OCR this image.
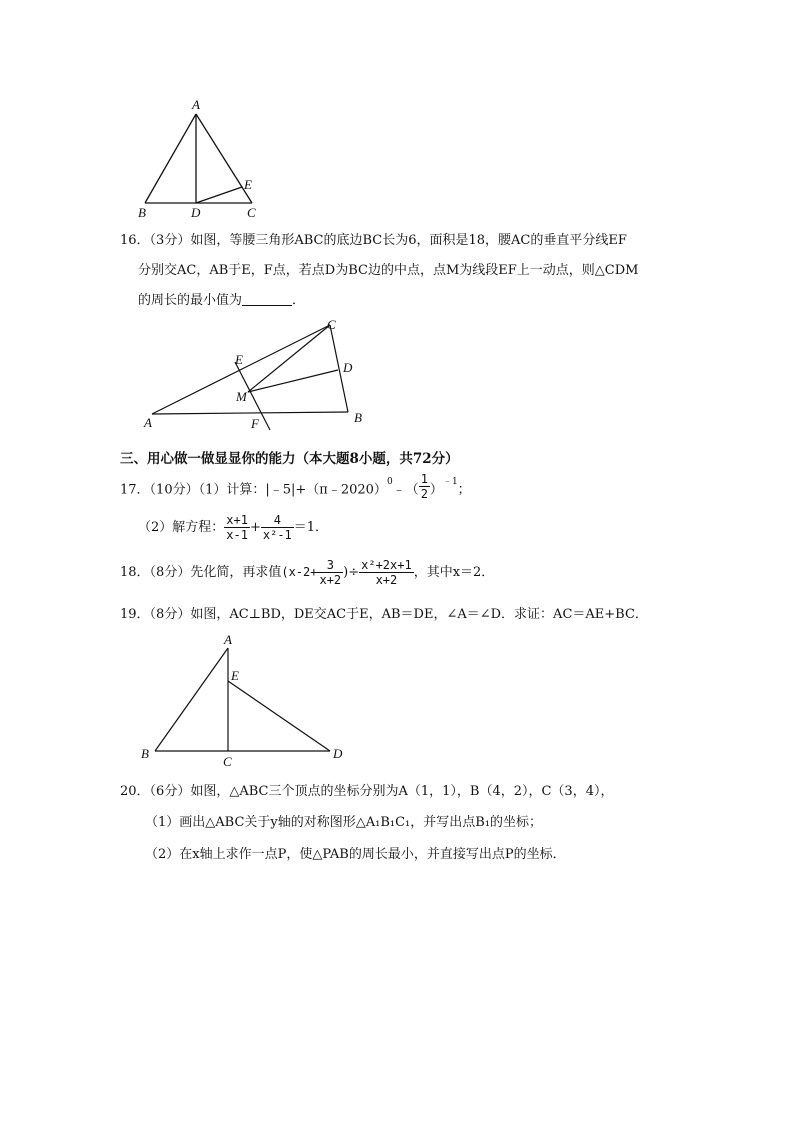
A
B	D	C
E
16．（3分）如图，等腰三角形ABC的底边BC长为6，面积是18，腰AC的垂直平分线EF
分别交AC，AB于E，F点，若点D为BC边的中点，点M为线段EF上一动点，则△CDM
的周长的最小值为	．
C
E
D
M
A	F	B
三、用心做一做显显你的能力（本大题8小题，共72分）
17．（10分）（1）计算：|﹣5|+（π﹣2020）$^0$﹣（ $\frac{1}{2} )^{﹣1}$；
（2）解方程： $\frac{x+1}{x-1} + \frac{4}{\text{x²-1}} =1$．
18．（8分）先化简，再求值($x-2+ \frac{3}{x+2}$ )÷ $\frac{\text{x²+2x+1}}{x+2}$ ，其中x＝2．
19．（8分）如图，AC⊥BD，DE交AC于E，AB＝DE，∠A＝∠D．求证：AC＝AE+BC．
A
E
B
C
D
20．（6分）如图，△ABC三个顶点的坐标分别为A（1，1），B（4，2），C（3，4），
（1）画出△ABC关于y轴的对称图形△A₁B₁C₁，并写出点B₁的坐标；
（2）在x轴上求作一点P，使△PAB的周长最小，并直接写出点P的坐标．
